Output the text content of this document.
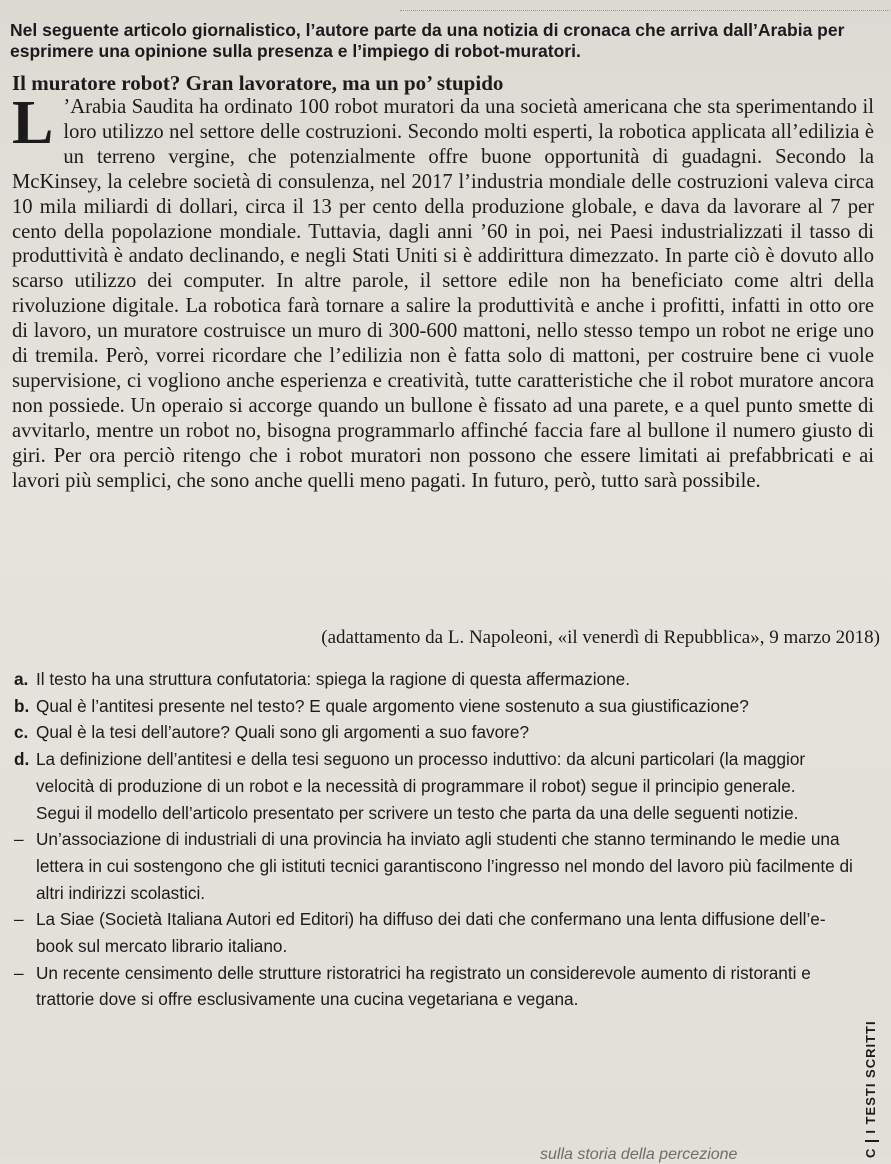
Nel seguente articolo giornalistico, l’autore parte da una notizia di cronaca che arriva dall’Arabia per esprimere una opinione sulla presenza e l’impiego di robot-muratori.

Il muratore robot? Gran lavoratore, ma un po’ stupido
L ’Arabia Saudita ha ordinato 100 robot muratori da una società americana che sta sperimentando il loro utilizzo nel settore delle costruzioni. Secondo molti esperti, la robotica applicata all’edilizia è un terreno vergine, che potenzialmente offre buone opportunità di guadagni. Secondo la McKinsey, la celebre società di consulenza, nel 2017 l’industria mondiale delle costruzioni valeva circa 10 mila miliardi di dollari, circa il 13 per cento della produzione globale, e dava da lavorare al 7 per cento della popolazione mondiale. Tuttavia, dagli anni ’60 in poi, nei Paesi industrializzati il tasso di produttività è andato declinando, e negli Stati Uniti si è addirittura dimezzato. In parte ciò è dovuto allo scarso utilizzo dei computer. In altre parole, il settore edile non ha beneficiato come altri della rivoluzione digitale. La robotica farà tornare a salire la produttività e anche i profitti, infatti in otto ore di lavoro, un muratore costruisce un muro di 300-600 mattoni, nello stesso tempo un robot ne erige uno di tremila. Però, vorrei ricordare che l’edilizia non è fatta solo di mattoni, per costruire bene ci vuole supervisione, ci vogliono anche esperienza e creatività, tutte caratteristiche che il robot muratore ancora non possiede. Un operaio si accorge quando un bullone è fissato ad una parete, e a quel punto smette di avvitarlo, mentre un robot no, bisogna programmarlo affinché faccia fare al bullone il numero giusto di giri. Per ora perciò ritengo che i robot muratori non possono che essere limitati ai prefabbricati e ai lavori più semplici, che sono anche quelli meno pagati. In futuro, però, tutto sarà possibile.
(adattamento da L. Napoleoni, «il venerdì di Repubblica», 9 marzo 2018)

a. Il testo ha una struttura confutatoria: spiega la ragione di questa affermazione.

b. Qual è l’antitesi presente nel testo? E quale argomento viene sostenuto a sua giustificazione?

c. Qual è la tesi dell’autore? Quali sono gli argomenti a suo favore?

d. La definizione dell’antitesi e della tesi seguono un processo induttivo: da alcuni particolari (la maggior velocità di produzione di un robot e la necessità di programmare il robot) segue il principio generale.
Segui il modello dell’articolo presentato per scrivere un testo che parta da una delle seguenti notizie.

– Un’associazione di industriali di una provincia ha inviato agli studenti che stanno terminando le medie una lettera in cui sostengono che gli istituti tecnici garantiscono l’ingresso nel mondo del lavoro più facilmente di altri indirizzi scolastici.

– La Siae (Società Italiana Autori ed Editori) ha diffuso dei dati che confermano una lenta diffusione dell’e-book sul mercato librario italiano.

– Un recente censimento delle strutture ristoratrici ha registrato un considerevole aumento di ristoranti e trattorie dove si offre esclusivamente una cucina vegetariana e vegana.

CI TESTI SCRITTI
sulla storia della percezione
